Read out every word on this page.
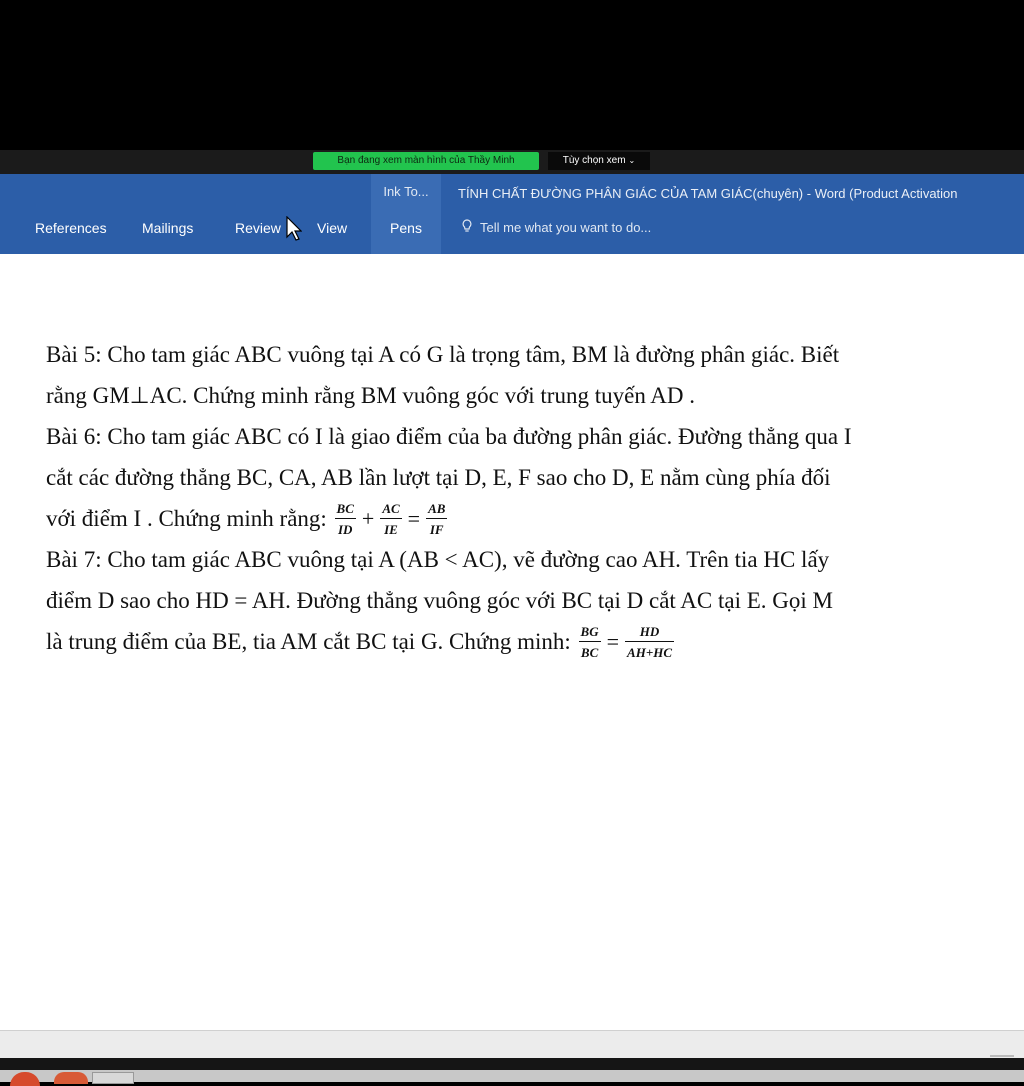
Bạn đang xem màn hình của Thầy Minh	Tùy chọn xem ⌄
References	Mailings	Review	View
Ink To...
Pens
TÍNH CHẤT ĐƯỜNG PHÂN GIÁC CỦA TAM GIÁC(chuyên) - Word (Product Activation
Tell me what you want to do...
Bài 5: Cho tam giác ABC vuông tại A có G là trọng tâm, BM là đường phân giác. Biết
rằng GM⊥AC. Chứng minh rằng BM vuông góc với trung tuyến AD .
Bài 6: Cho tam giác ABC có I là giao điểm của ba đường phân giác. Đường thẳng qua I
cắt các đường thẳng BC, CA, AB lần lượt tại D, E, F sao cho D, E nằm cùng phía đối
với điểm I . Chứng minh rằng: $\frac{BC}{ID} + \frac{AC}{IE} = \frac{AB}{IF}$
Bài 7: Cho tam giác ABC vuông tại A (AB < AC), vẽ đường cao AH. Trên tia HC lấy
điểm D sao cho HD = AH. Đường thẳng vuông góc với BC tại D cắt AC tại E. Gọi M
là trung điểm của BE, tia AM cắt BC tại G. Chứng minh: $\frac{BG}{BC} = \frac{HD}{AH+HC}$
